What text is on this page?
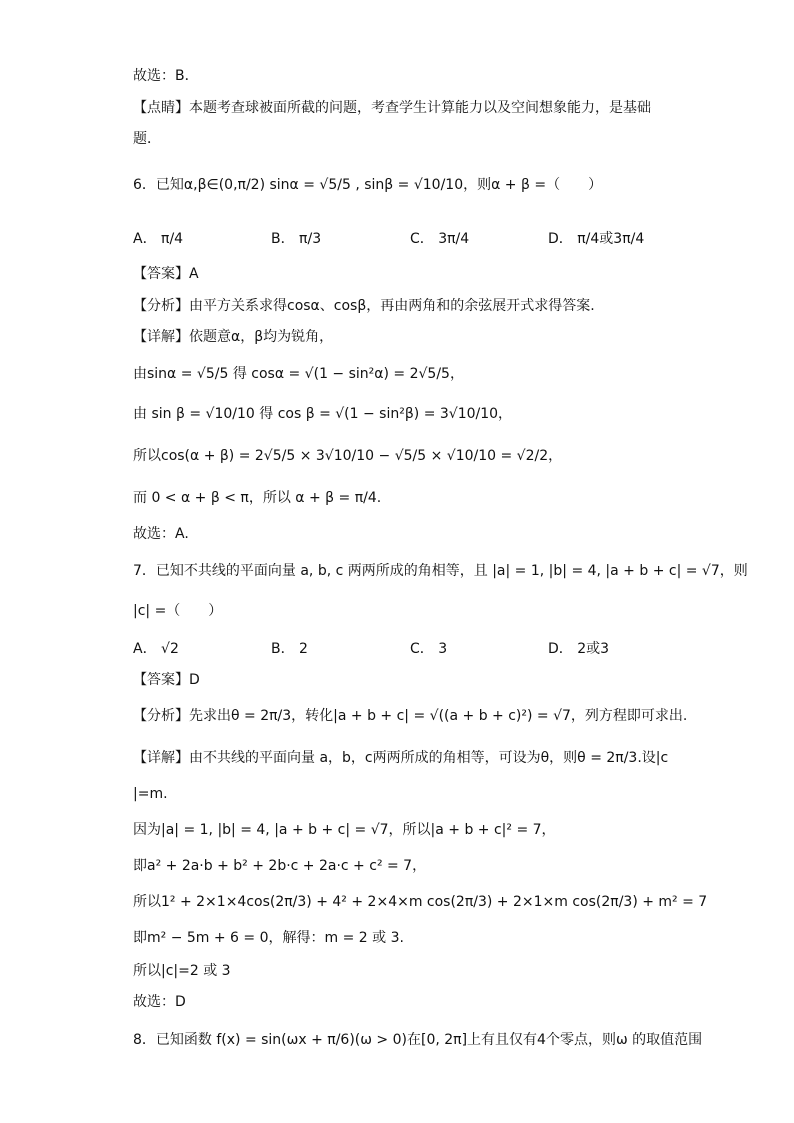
故选：B．
【点睛】本题考查球被面所截的问题，考查学生计算能力以及空间想象能力，是基础
题．
6．已知α,β∈(0,π/2) sinα = √5/5 , sinβ = √10/10，则α + β =（　　）
A． π/4	B． π/3	C． 3π/4	D． π/4或3π/4
【答案】A
【分析】由平方关系求得cosα、cosβ，再由两角和的余弦展开式求得答案.
【详解】依题意α，β均为锐角，
由sinα = √5/5 得 cosα = √(1 − sin²α) = 2√5/5，
由 sin β = √10/10 得 cos β = √(1 − sin²β) = 3√10/10，
所以cos(α + β) = 2√5/5 × 3√10/10 − √5/5 × √10/10 = √2/2，
而 0 < α + β < π，所以 α + β = π/4.
故选：A.
7．已知不共线的平面向量 a, b, c 两两所成的角相等，且 |a| = 1, |b| = 4, |a + b + c| = √7，则
|c| =（　　）
A． √2	B． 2	C． 3	D． 2或3
【答案】D
【分析】先求出θ = 2π/3，转化|a + b + c| = √((a + b + c)²) = √7，列方程即可求出.
【详解】由不共线的平面向量 a，b，c两两所成的角相等，可设为θ，则θ = 2π/3.设|c
|=m.
因为|a| = 1, |b| = 4, |a + b + c| = √7，所以|a + b + c|² = 7，
即a² + 2a·b + b² + 2b·c + 2a·c + c² = 7，
所以1² + 2×1×4cos(2π/3) + 4² + 2×4×m cos(2π/3) + 2×1×m cos(2π/3) + m² = 7
即m² − 5m + 6 = 0，解得：m = 2 或 3.
所以|c|=2 或 3
故选：D
8．已知函数 f(x) = sin(ωx + π/6)(ω > 0)在[0, 2π]上有且仅有4个零点，则ω 的取值范围
